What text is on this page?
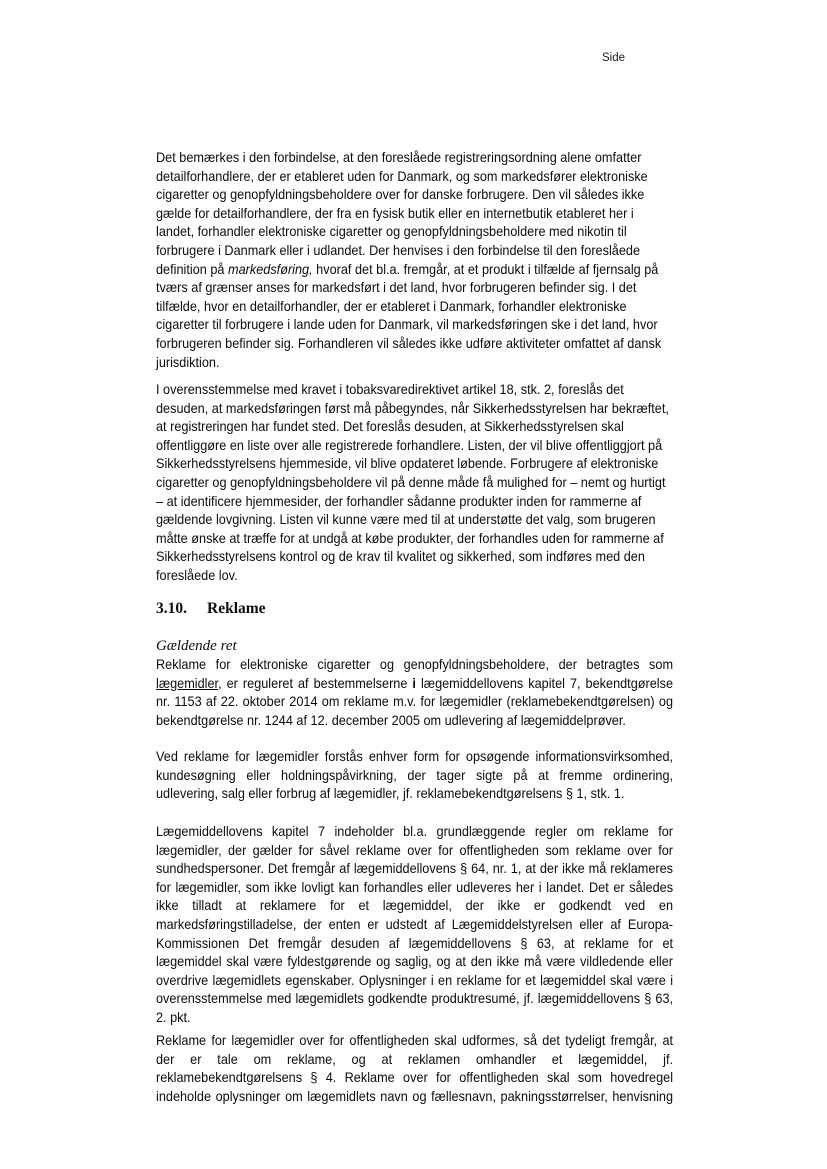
Side

Det bemærkes i den forbindelse, at den foreslåede registreringsordning alene omfatter detailforhandlere, der er etableret uden for Danmark, og som markedsfører elektroniske cigaretter og genopfyldningsbeholdere over for danske forbrugere. Den vil således ikke gælde for detailforhandlere, der fra en fysisk butik eller en internetbutik etableret her i landet, forhandler elektroniske cigaretter og genopfyldningsbeholdere med nikotin til forbrugere i Danmark eller i udlandet. Der henvises i den forbindelse til den foreslåede definition på markedsføring, hvoraf det bl.a. fremgår, at et produkt i tilfælde af fjernsalg på tværs af grænser anses for markedsført i det land, hvor forbrugeren befinder sig. I det tilfælde, hvor en detailforhandler, der er etableret i Danmark, forhandler elektroniske cigaretter til forbrugere i lande uden for Danmark, vil markedsføringen ske i det land, hvor forbrugeren befinder sig. Forhandleren vil således ikke udføre aktiviteter omfattet af dansk jurisdiktion.

I overensstemmelse med kravet i tobaksvaredirektivet artikel 18, stk. 2, foreslås det desuden, at markedsføringen først må påbegyndes, når Sikkerhedsstyrelsen har bekræftet, at registreringen har fundet sted. Det foreslås desuden, at Sikkerhedsstyrelsen skal offentliggøre en liste over alle registrerede forhandlere. Listen, der vil blive offentliggjort på Sikkerhedsstyrelsens hjemmeside, vil blive opdateret løbende. Forbrugere af elektroniske cigaretter og genopfyldningsbeholdere vil på denne måde få mulighed for – nemt og hurtigt – at identificere hjemmesider, der forhandler sådanne produkter inden for rammerne af gældende lovgivning. Listen vil kunne være med til at understøtte det valg, som brugeren måtte ønske at træffe for at undgå at købe produkter, der forhandles uden for rammerne af Sikkerhedsstyrelsens kontrol og de krav til kvalitet og sikkerhed, som indføres med den foreslåede lov.

3.10. Reklame

Gældende ret

Reklame for elektroniske cigaretter og genopfyldningsbeholdere, der betragtes som lægemidler, er reguleret af bestemmelserne i lægemiddellovens kapitel 7, bekendtgørelse nr. 1153 af 22. oktober 2014 om reklame m.v. for lægemidler (reklamebekendtgørelsen) og bekendtgørelse nr. 1244 af 12. december 2005 om udlevering af lægemiddelprøver.

Ved reklame for lægemidler forstås enhver form for opsøgende informationsvirksomhed, kundesøgning eller holdningspåvirkning, der tager sigte på at fremme ordinering, udlevering, salg eller forbrug af lægemidler, jf. reklamebekendtgørelsens § 1, stk. 1.

Lægemiddellovens kapitel 7 indeholder bl.a. grundlæggende regler om reklame for lægemidler, der gælder for såvel reklame over for offentligheden som reklame over for sundhedspersoner. Det fremgår af lægemiddellovens § 64, nr. 1, at der ikke må reklameres for lægemidler, som ikke lovligt kan forhandles eller udleveres her i landet. Det er således ikke tilladt at reklamere for et lægemiddel, der ikke er godkendt ved en markedsføringstilladelse, der enten er udstedt af Lægemiddelstyrelsen eller af Europa-Kommissionen Det fremgår desuden af lægemiddellovens § 63, at reklame for et lægemiddel skal være fyldestgørende og saglig, og at den ikke må være vildledende eller overdrive lægemidlets egenskaber. Oplysninger i en reklame for et lægemiddel skal være i overensstemmelse med lægemidlets godkendte produktresumé, jf. lægemiddellovens § 63, 2. pkt.

Reklame for lægemidler over for offentligheden skal udformes, så det tydeligt fremgår, at der er tale om reklame, og at reklamen omhandler et lægemiddel, jf. reklamebekendtgørelsens § 4. Reklame over for offentligheden skal som hovedregel indeholde oplysninger om lægemidlets navn og fællesnavn, pakningsstørrelser, henvisning
